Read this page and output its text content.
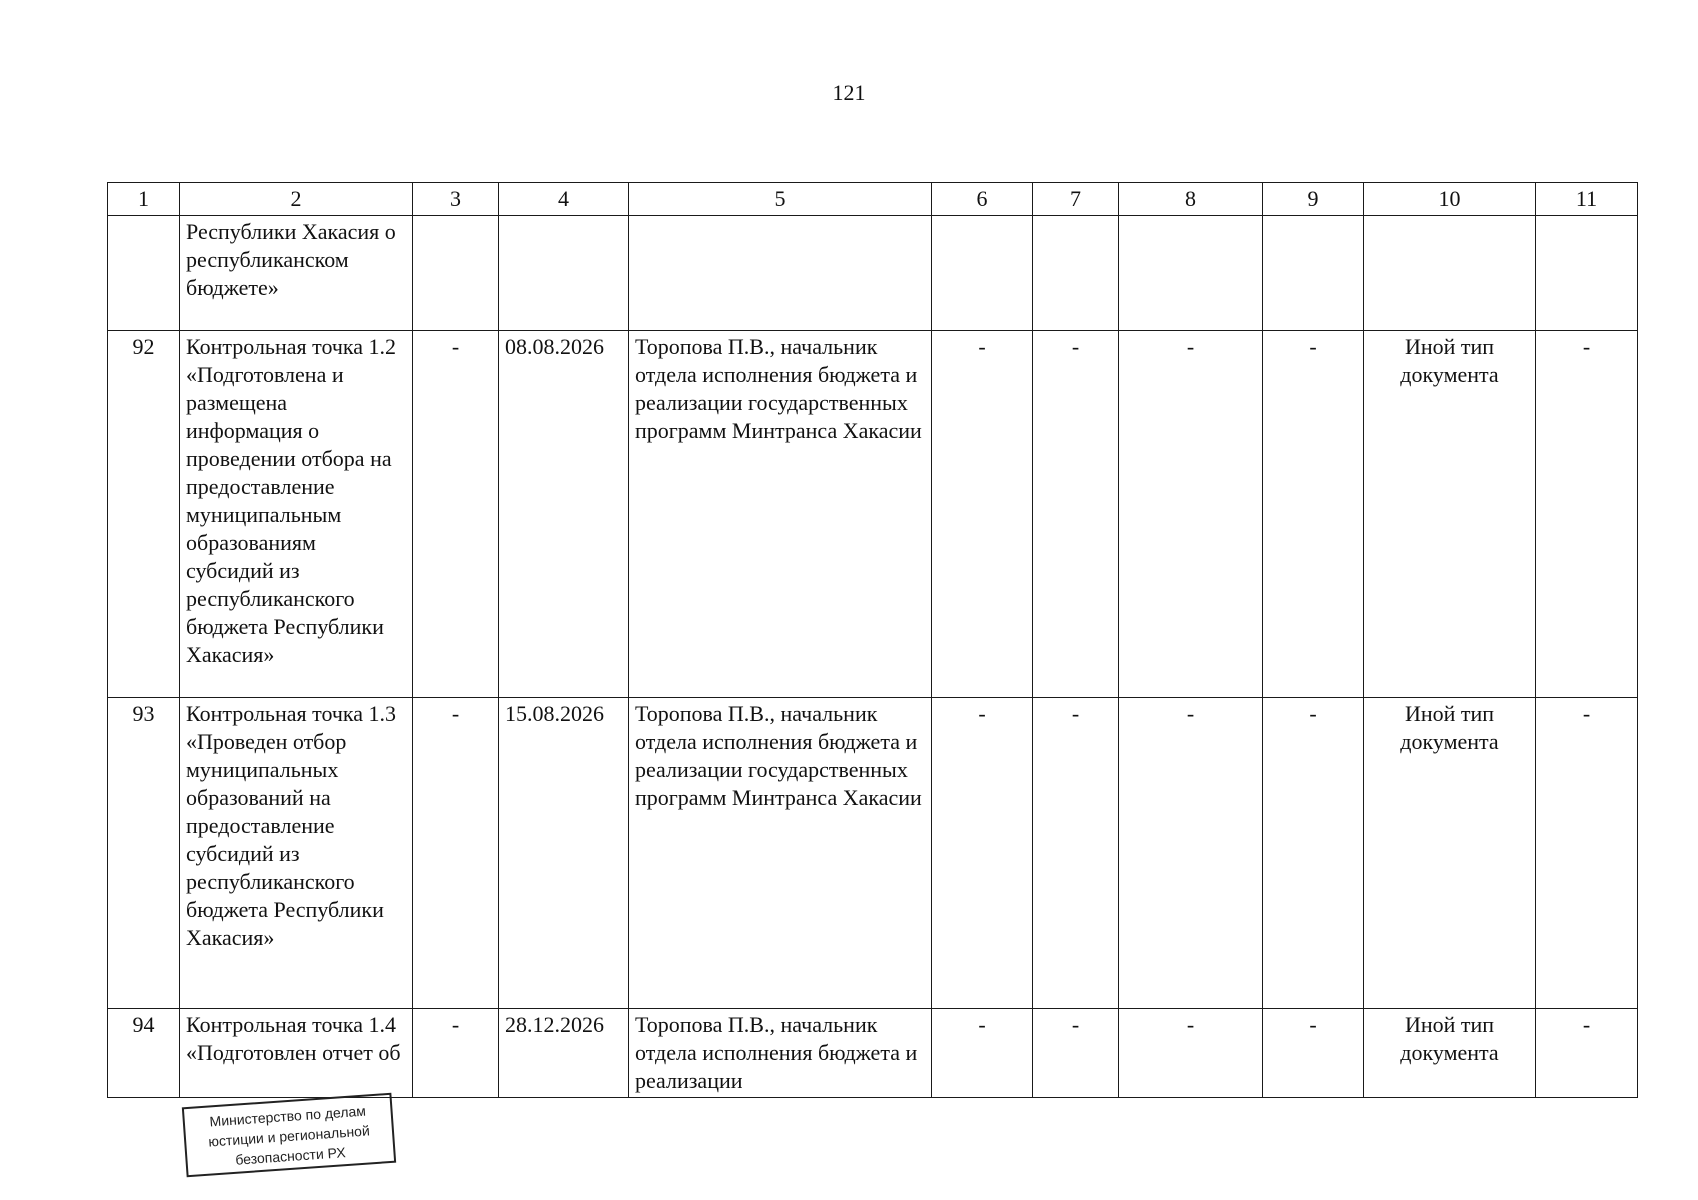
121
1	2	3	4	5	6	7	8	9	10	11
	Республики Хакасия о республиканском бюджете»									
92	Контрольная точка 1.2 «Подготовлена и размещена информация о проведении отбора на предоставление муниципальным образованиям субсидий из республиканского бюджета Республики Хакасия»	-	08.08.2026	Торопова П.В., начальник отдела исполнения бюджета и реализации государственных программ Минтранса Хакасии	-	-	-	-	Иной тип документа	-
93	Контрольная точка 1.3 «Проведен отбор муниципальных образований на предоставление субсидий из республиканского бюджета Республики Хакасия»	-	15.08.2026	Торопова П.В., начальник отдела исполнения бюджета и реализации государственных программ Минтранса Хакасии	-	-	-	-	Иной тип документа	-
94	Контрольная точка 1.4 «Подготовлен отчет об	-	28.12.2026	Торопова П.В., начальник отдела исполнения бюджета и реализации	-	-	-	-	Иной тип документа	-
Министерство по делам
юстиции и региональной
безопасности РХ
